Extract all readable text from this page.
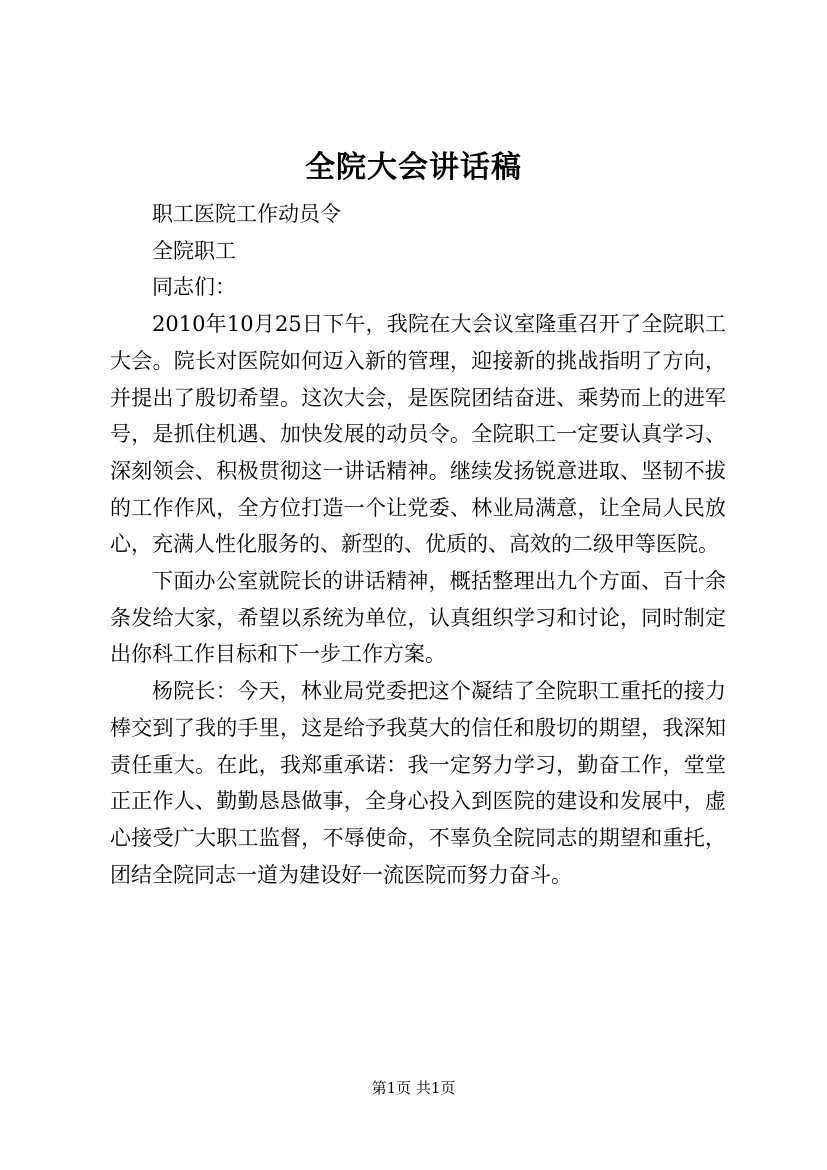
全院大会讲话稿

职工医院工作动员令

全院职工

同志们：

2010年10月25日下午，我院在大会议室隆重召开了全院职工大会。院长对医院如何迈入新的管理，迎接新的挑战指明了方向，并提出了殷切希望。这次大会，是医院团结奋进、乘势而上的进军号，是抓住机遇、加快发展的动员令。全院职工一定要认真学习、深刻领会、积极贯彻这一讲话精神。继续发扬锐意进取、坚韧不拔的工作作风，全方位打造一个让党委、林业局满意，让全局人民放心，充满人性化服务的、新型的、优质的、高效的二级甲等医院。

下面办公室就院长的讲话精神，概括整理出九个方面、百十余条发给大家，希望以系统为单位，认真组织学习和讨论，同时制定出你科工作目标和下一步工作方案。

杨院长：今天，林业局党委把这个凝结了全院职工重托的接力棒交到了我的手里，这是给予我莫大的信任和殷切的期望，我深知责任重大。在此，我郑重承诺：我一定努力学习，勤奋工作，堂堂正正作人、勤勤恳恳做事，全身心投入到医院的建设和发展中，虚心接受广大职工监督，不辱使命，不辜负全院同志的期望和重托，团结全院同志一道为建设好一流医院而努力奋斗。

第1页 共1页
